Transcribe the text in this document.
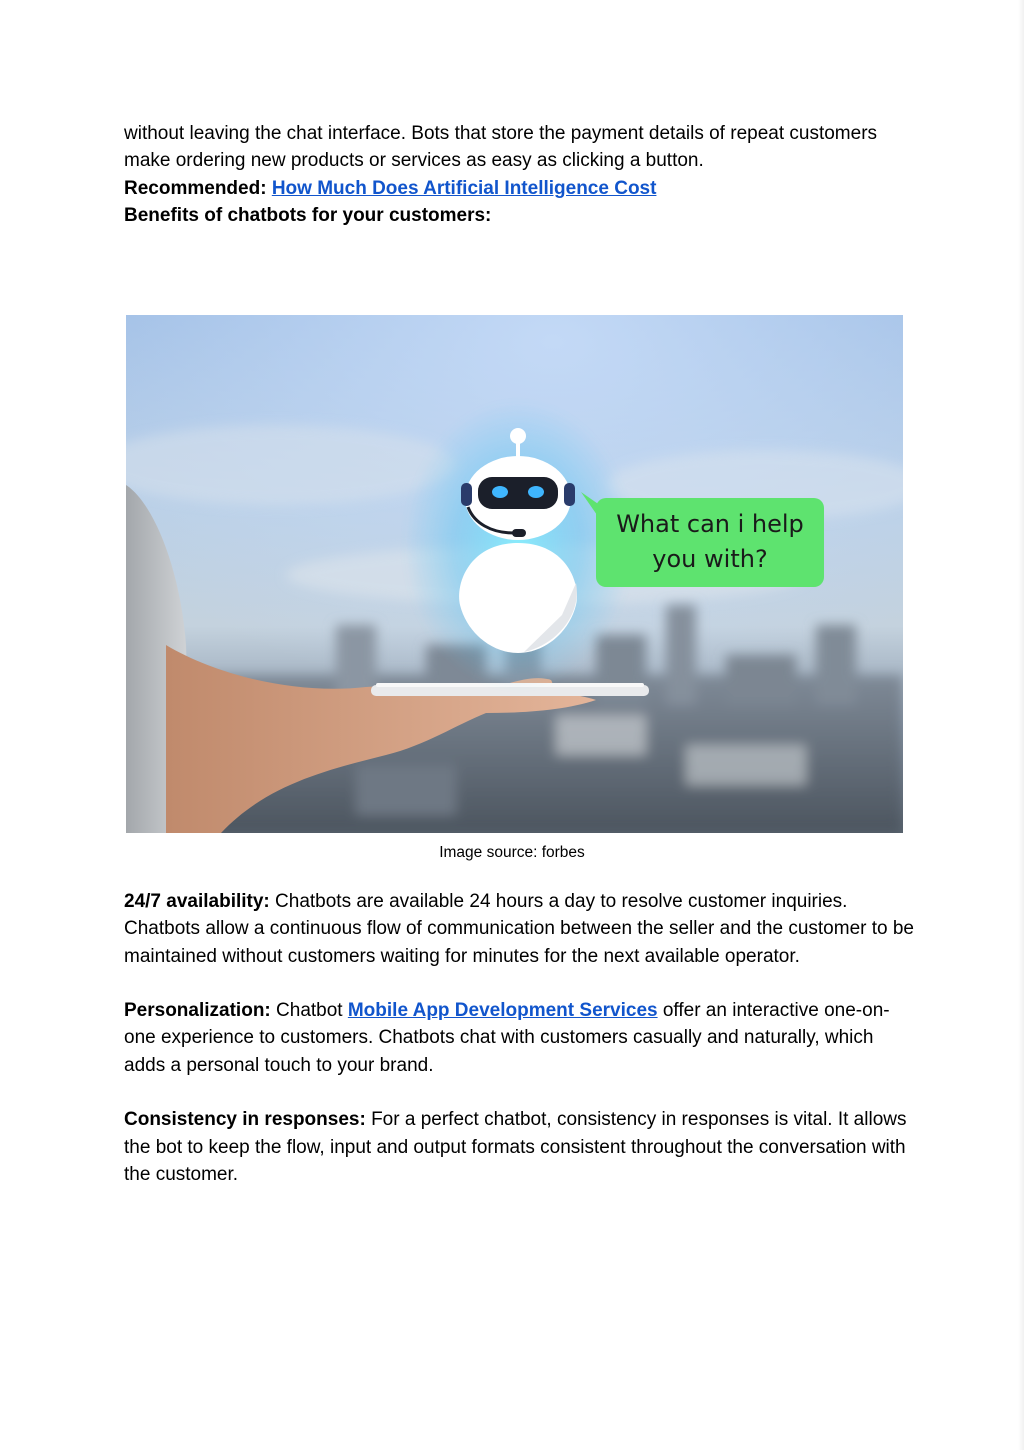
without leaving the chat interface. Bots that store the payment details of repeat customers make ordering new products or services as easy as clicking a button.

Recommended: How Much Does Artificial Intelligence Cost

Benefits of chatbots for your customers:

What can i help
you with?
Image source: forbes

24/7 availability: Chatbots are available 24 hours a day to resolve customer inquiries. Chatbots allow a continuous flow of communication between the seller and the customer to be maintained without customers waiting for minutes for the next available operator.

Personalization: Chatbot Mobile App Development Services offer an interactive one-on-one experience to customers. Chatbots chat with customers casually and naturally, which adds a personal touch to your brand.

Consistency in responses: For a perfect chatbot, consistency in responses is vital. It allows the bot to keep the flow, input and output formats consistent throughout the conversation with the customer.
